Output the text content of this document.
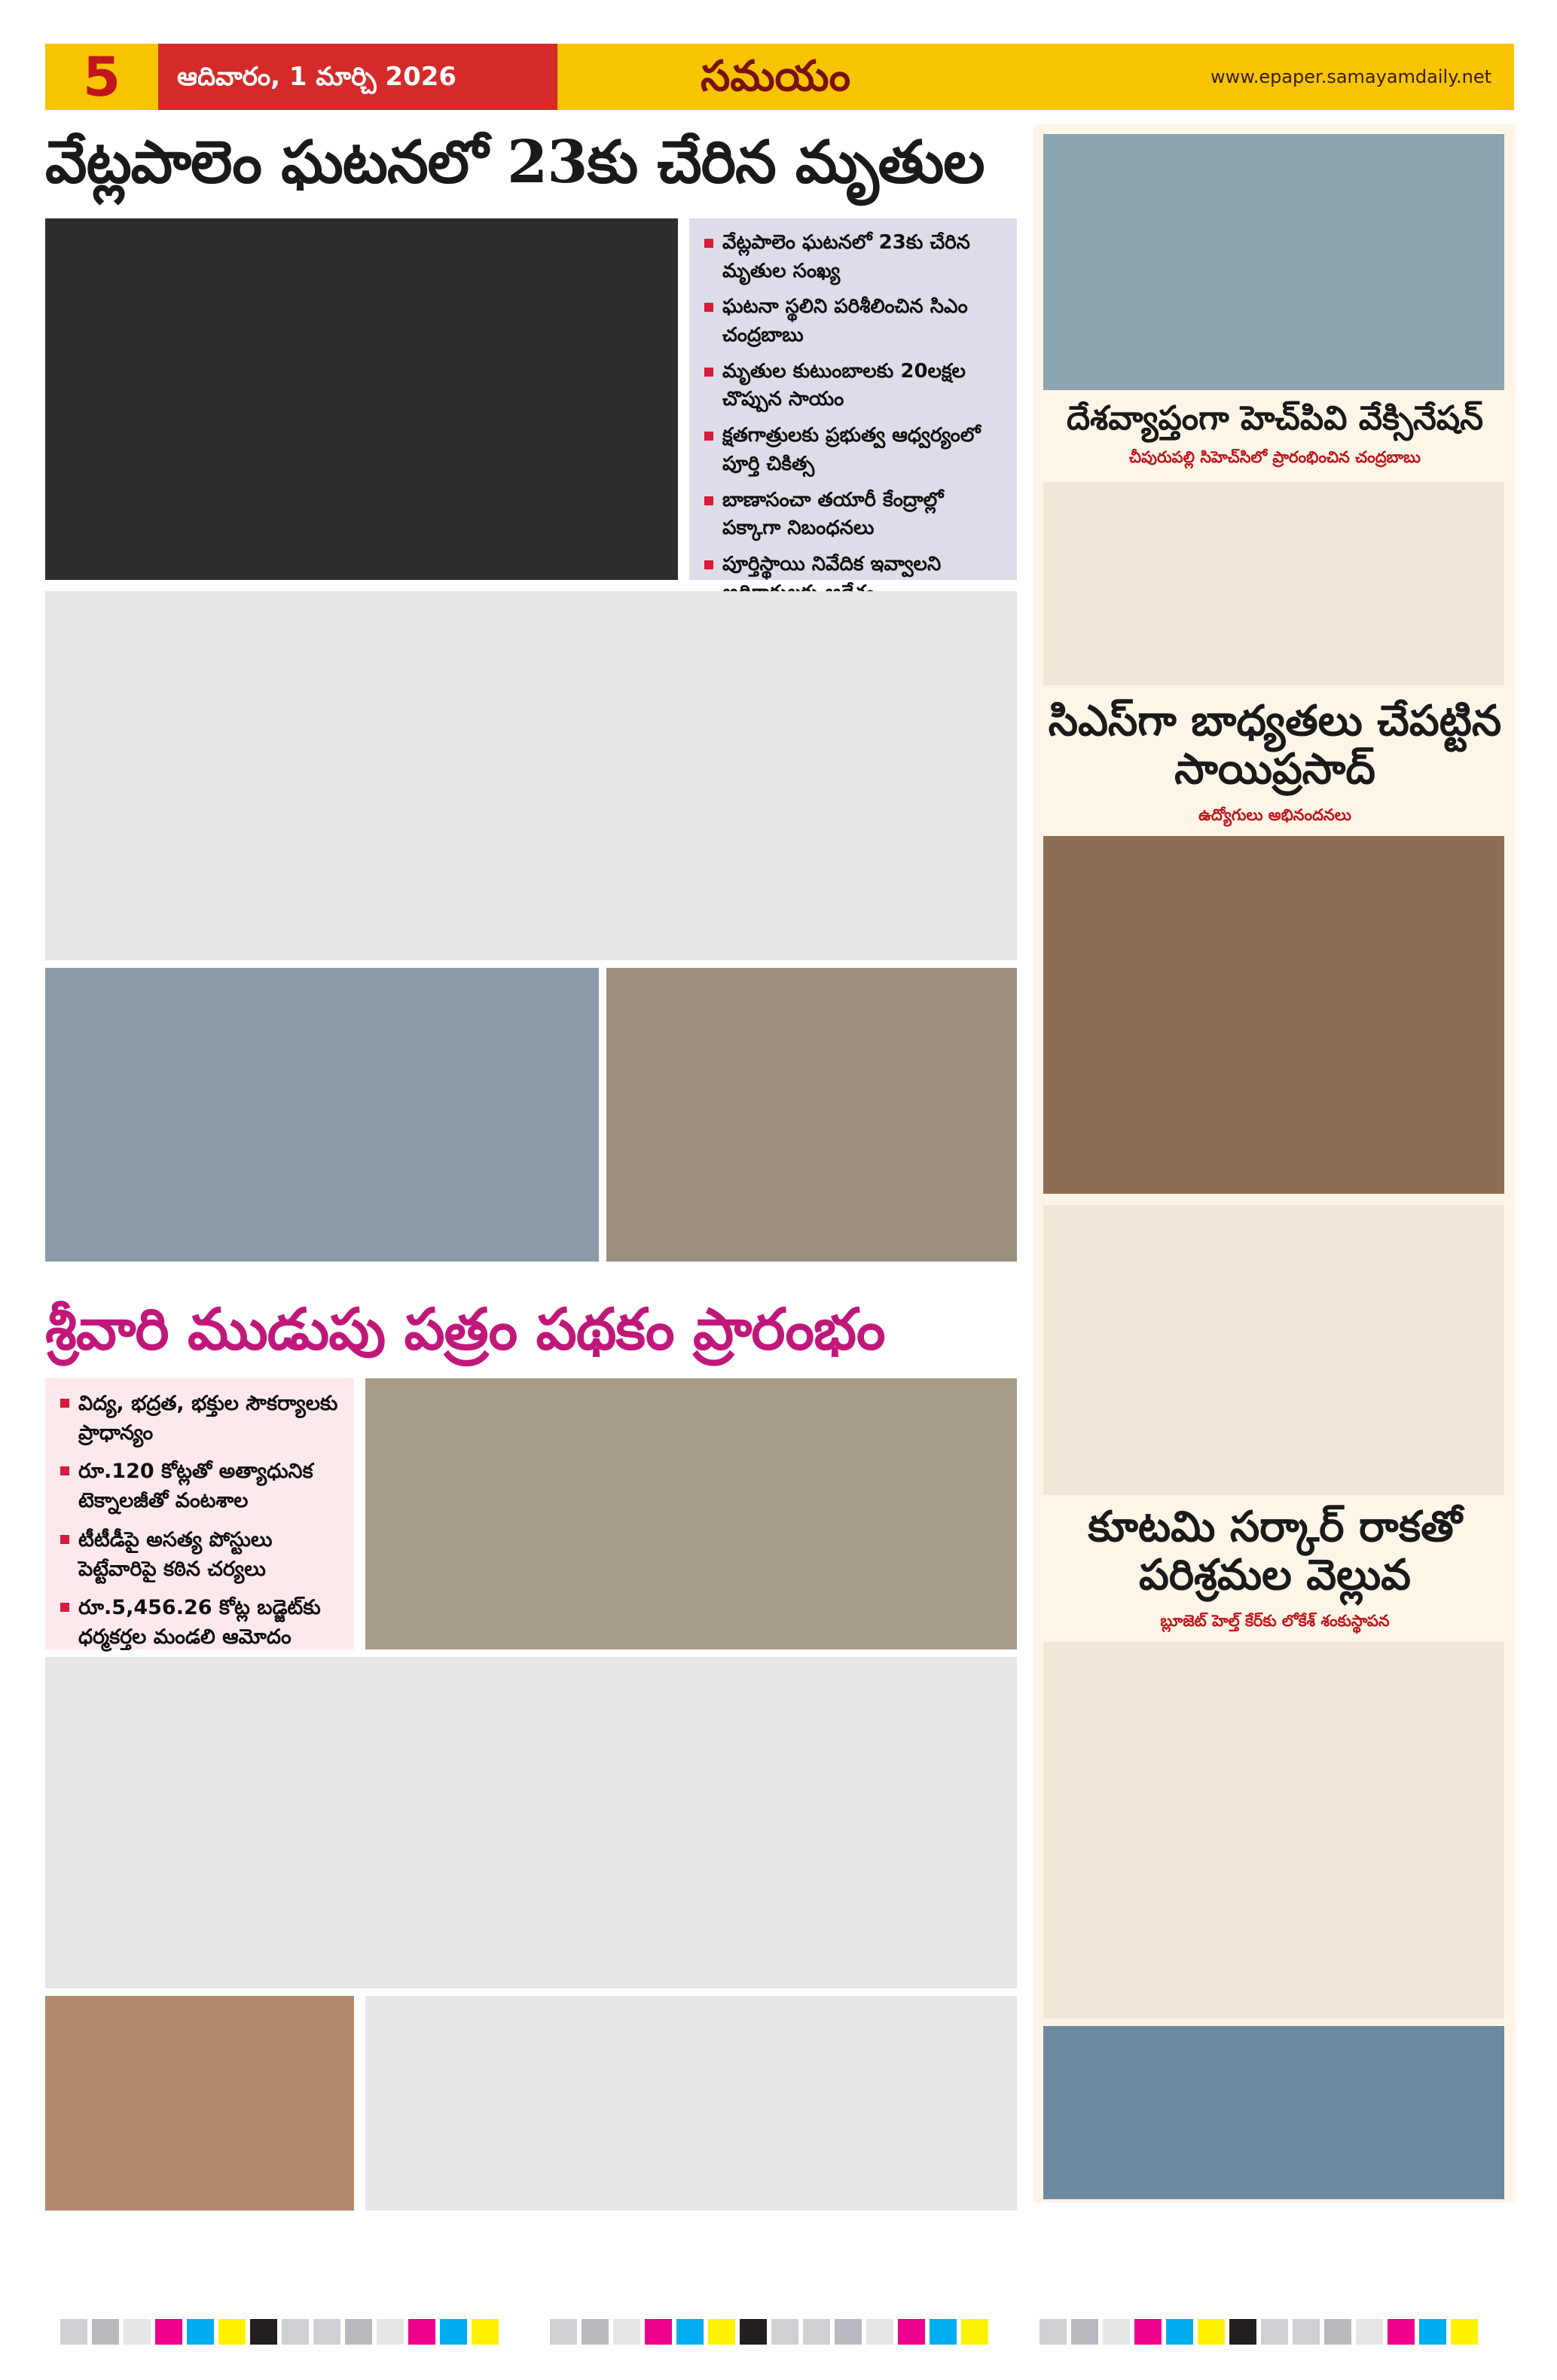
5	ఆదివారం, 1 మార్చి 2026	సమయం	www.epaper.samayamdaily.net
వేట్లపాలెం ఘటనలో 23కు చేరిన మృతుల
వేట్లపాలెం ఘటనలో 23కు చేరిన మృతుల సంఖ్య
ఘటనా స్థలిని పరిశీలించిన సిఎం చంద్రబాబు
మృతుల కుటుంబాలకు 20లక్షల చొప్పున సాయం
క్షతగాత్రులకు ప్రభుత్వ ఆధ్వర్యంలో పూర్తి చికిత్స
బాణాసంచా తయారీ కేంద్రాల్లో పక్కాగా నిబంధనలు
పూర్తిస్థాయి నివేదిక ఇవ్వాలని
శ్రీవారి ముడుపు పత్రం పథకం ప్రారంభం
విద్య, భద్రత, భక్తుల సౌకర్యాలకు ప్రాధాన్యం
రూ.120 కోట్లతో అత్యాధునిక టెక్నాలజీతో వంటశాల
టీటీడీపై అసత్య పోస్టులు పెట్టేవారిపై కఠిన చర్యలు
రూ.5,456.26 కోట్ల బడ్జెట్‌కు ధర్మకర్తల మండలి ఆమోదం
దేశవ్యాప్తంగా హెచ్‌పివి వేక్సినేషన్
చీపురుపల్లి సిహెచ్‌సిలో ప్రారంభించిన చంద్రబాబు
సిఎస్‌గా బాధ్యతలు చేపట్టిన సాయిప్రసాద్
ఉద్యోగులు అభినందనలు
కూటమి సర్కార్ రాకతో పరిశ్రమల వెల్లువ
బ్లూజెట్ హెల్త్ కేర్‌కు లోకేశ్ శంకుస్థాపన
